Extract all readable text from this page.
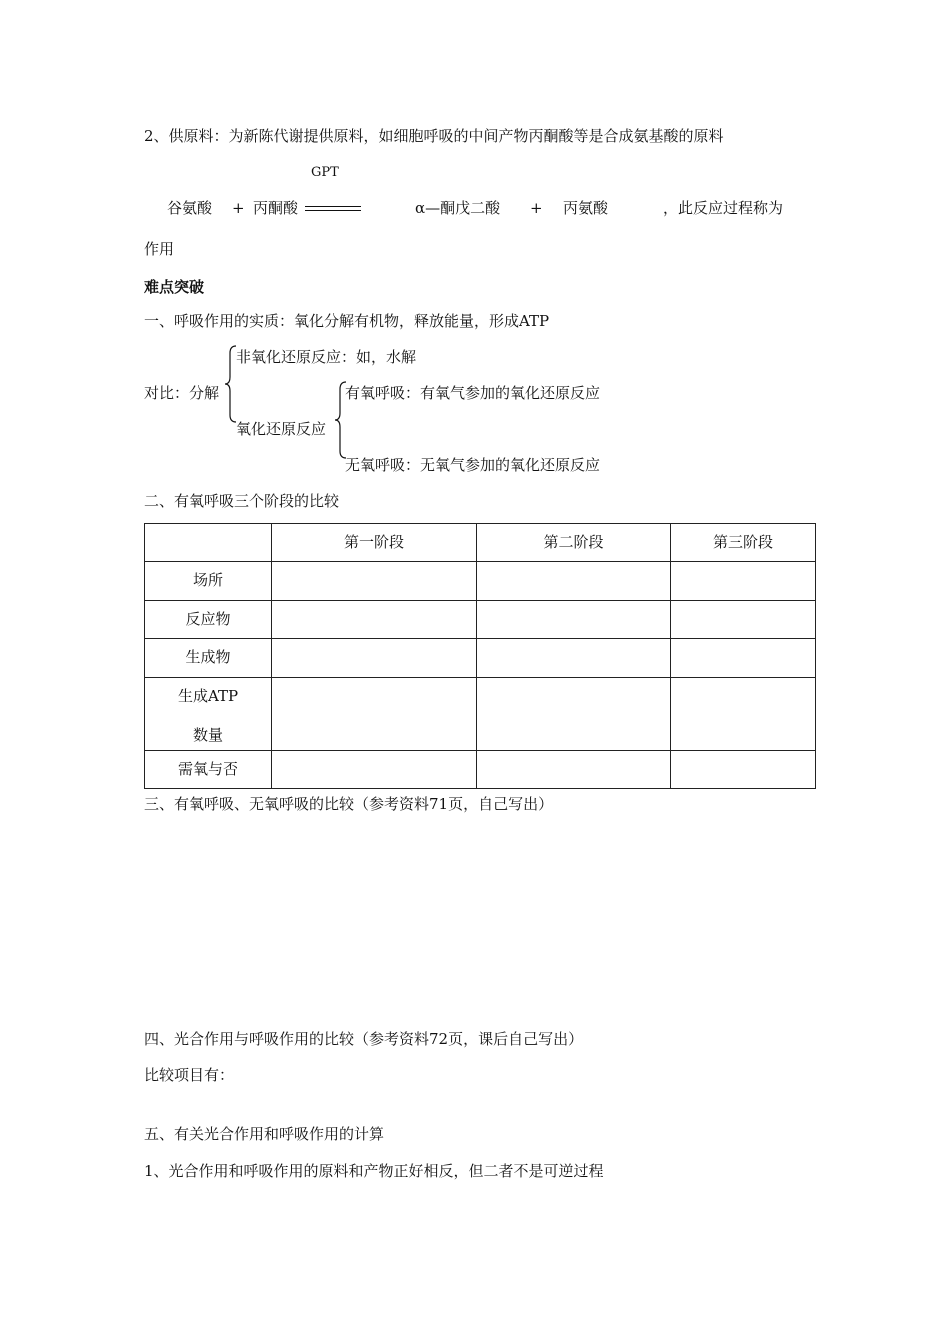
2、供原料：为新陈代谢提供原料，如细胞呼吸的中间产物丙酮酸等是合成氨基酸的原料
GPT
谷氨酸 + 丙酮酸	α—酮戊二酸 + 丙氨酸	，此反应过程称为
作用
难点突破
一、呼吸作用的实质：氧化分解有机物，释放能量，形成ATP
非氧化还原反应：如，水解
对比：分解	有氧呼吸：有氧气参加的氧化还原反应
氧化还原反应
无氧呼吸：无氧气参加的氧化还原反应
二、有氧呼吸三个阶段的比较

	第一阶段	第二阶段	第三阶段

场所			

反应物			

生成物			

生成ATP
数量			

需氧与否			

三、有氧呼吸、无氧呼吸的比较（参考资料71页，自己写出）
四、光合作用与呼吸作用的比较（参考资料72页，课后自己写出）
比较项目有：
五、有关光合作用和呼吸作用的计算
1、光合作用和呼吸作用的原料和产物正好相反，但二者不是可逆过程
